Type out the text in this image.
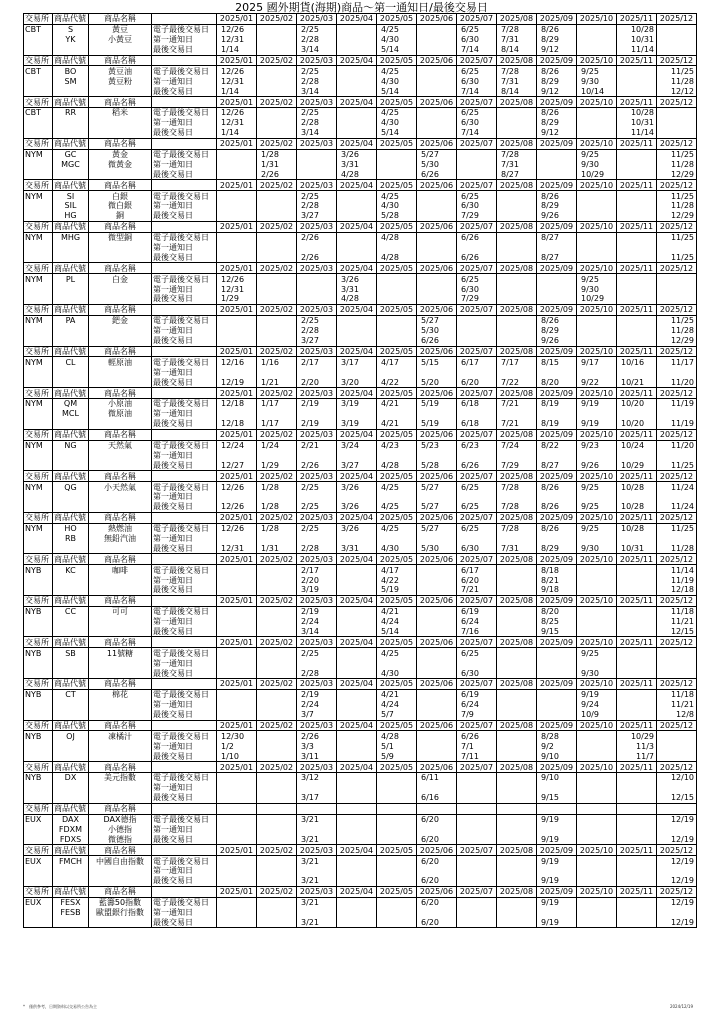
2025 國外期貨(海期)商品～第一通知日/最後交易日
交易所	商品代號	商品名稱		2025/01	2025/02	2025/03	2025/04	2025/05	2025/06	2025/07	2025/08	2025/09	2025/10	2025/11	2025/12
CBT	S	黃豆	電子最後交易日	12/26		2/25		4/25		6/25	7/28	8/26		10/28	
	YK	小黃豆	第一通知日	12/31		2/28		4/30		6/30	7/31	8/29		10/31	
			最後交易日	1/14		3/14		5/14		7/14	8/14	9/12		11/14	
交易所	商品代號	商品名稱		2025/01	2025/02	2025/03	2025/04	2025/05	2025/06	2025/07	2025/08	2025/09	2025/10	2025/11	2025/12
CBT	BO	黃豆油	電子最後交易日	12/26		2/25		4/25		6/25	7/28	8/26	9/25		11/25
	SM	黃豆粉	第一通知日	12/31		2/28		4/30		6/30	7/31	8/29	9/30		11/28
			最後交易日	1/14		3/14		5/14		7/14	8/14	9/12	10/14		12/12
交易所	商品代號	商品名稱		2025/01	2025/02	2025/03	2025/04	2025/05	2025/06	2025/07	2025/08	2025/09	2025/10	2025/11	2025/12
CBT	RR	稻米	電子最後交易日	12/26		2/25		4/25		6/25		8/26		10/28	
			第一通知日	12/31		2/28		4/30		6/30		8/29		10/31	
			最後交易日	1/14		3/14		5/14		7/14		9/12		11/14	
交易所	商品代號	商品名稱		2025/01	2025/02	2025/03	2025/04	2025/05	2025/06	2025/07	2025/08	2025/09	2025/10	2025/11	2025/12
NYM	GC	黃金	電子最後交易日		1/28		3/26		5/27		7/28		9/25		11/25
	MGC	微黃金	第一通知日		1/31		3/31		5/30		7/31		9/30		11/28
			最後交易日		2/26		4/28		6/26		8/27		10/29		12/29
交易所	商品代號	商品名稱		2025/01	2025/02	2025/03	2025/04	2025/05	2025/06	2025/07	2025/08	2025/09	2025/10	2025/11	2025/12
NYM	SI	白銀	電子最後交易日			2/25		4/25		6/25		8/26			11/25
	SIL	微白銀	第一通知日			2/28		4/30		6/30		8/29			11/28
	HG	銅	最後交易日			3/27		5/28		7/29		9/26			12/29
交易所	商品代號	商品名稱		2025/01	2025/02	2025/03	2025/04	2025/05	2025/06	2025/07	2025/08	2025/09	2025/10	2025/11	2025/12
NYM	MHG	微型銅	電子最後交易日			2/26		4/28		6/26		8/27			11/25
			第一通知日												
			最後交易日			2/26		4/28		6/26		8/27			11/25
交易所	商品代號	商品名稱		2025/01	2025/02	2025/03	2025/04	2025/05	2025/06	2025/07	2025/08	2025/09	2025/10	2025/11	2025/12
NYM	PL	白金	電子最後交易日	12/26			3/26			6/25			9/25		
			第一通知日	12/31			3/31			6/30			9/30		
			最後交易日	1/29			4/28			7/29			10/29		
交易所	商品代號	商品名稱		2025/01	2025/02	2025/03	2025/04	2025/05	2025/06	2025/07	2025/08	2025/09	2025/10	2025/11	2025/12
NYM	PA	鈀金	電子最後交易日			2/25			5/27			8/26			11/25
			第一通知日			2/28			5/30			8/29			11/28
			最後交易日			3/27			6/26			9/26			12/29
交易所	商品代號	商品名稱		2025/01	2025/02	2025/03	2025/04	2025/05	2025/06	2025/07	2025/08	2025/09	2025/10	2025/11	2025/12
NYM	CL	輕原油	電子最後交易日	12/16	1/16	2/17	3/17	4/17	5/15	6/17	7/17	8/15	9/17	10/16	11/17
			第一通知日												
			最後交易日	12/19	1/21	2/20	3/20	4/22	5/20	6/20	7/22	8/20	9/22	10/21	11/20
交易所	商品代號	商品名稱		2025/01	2025/02	2025/03	2025/04	2025/05	2025/06	2025/07	2025/08	2025/09	2025/10	2025/11	2025/12
NYM	QM	小原油	電子最後交易日	12/18	1/17	2/19	3/19	4/21	5/19	6/18	7/21	8/19	9/19	10/20	11/19
	MCL	微原油	第一通知日												
			最後交易日	12/18	1/17	2/19	3/19	4/21	5/19	6/18	7/21	8/19	9/19	10/20	11/19
交易所	商品代號	商品名稱		2025/01	2025/02	2025/03	2025/04	2025/05	2025/06	2025/07	2025/08	2025/09	2025/10	2025/11	2025/12
NYM	NG	天然氣	電子最後交易日	12/24	1/24	2/21	3/24	4/23	5/23	6/23	7/24	8/22	9/23	10/24	11/20
			第一通知日												
			最後交易日	12/27	1/29	2/26	3/27	4/28	5/28	6/26	7/29	8/27	9/26	10/29	11/25
交易所	商品代號	商品名稱		2025/01	2025/02	2025/03	2025/04	2025/05	2025/06	2025/07	2025/08	2025/09	2025/10	2025/11	2025/12
NYM	QG	小天然氣	電子最後交易日	12/26	1/28	2/25	3/26	4/25	5/27	6/25	7/28	8/26	9/25	10/28	11/24
			第一通知日												
			最後交易日	12/26	1/28	2/25	3/26	4/25	5/27	6/25	7/28	8/26	9/25	10/28	11/24
交易所	商品代號	商品名稱		2025/01	2025/02	2025/03	2025/04	2025/05	2025/06	2025/07	2025/08	2025/09	2025/10	2025/11	2025/12
NYM	HO	熱燃油	電子最後交易日	12/26	1/28	2/25	3/26	4/25	5/27	6/25	7/28	8/26	9/25	10/28	11/25
	RB	無鉛汽油	第一通知日												
			最後交易日	12/31	1/31	2/28	3/31	4/30	5/30	6/30	7/31	8/29	9/30	10/31	11/28
交易所	商品代號	商品名稱		2025/01	2025/02	2025/03	2025/04	2025/05	2025/06	2025/07	2025/08	2025/09	2025/10	2025/11	2025/12
NYB	KC	咖啡	電子最後交易日			2/17		4/17		6/17		8/18			11/14
			第一通知日			2/20		4/22		6/20		8/21			11/19
			最後交易日			3/19		5/19		7/21		9/18			12/18
交易所	商品代號	商品名稱		2025/01	2025/02	2025/03	2025/04	2025/05	2025/06	2025/07	2025/08	2025/09	2025/10	2025/11	2025/12
NYB	CC	可可	電子最後交易日			2/19		4/21		6/19		8/20			11/18
			第一通知日			2/24		4/24		6/24		8/25			11/21
			最後交易日			3/14		5/14		7/16		9/15			12/15
交易所	商品代號	商品名稱		2025/01	2025/02	2025/03	2025/04	2025/05	2025/06	2025/07	2025/08	2025/09	2025/10	2025/11	2025/12
NYB	SB	11號糖	電子最後交易日			2/25		4/25		6/25			9/25		
			第一通知日												
			最後交易日			2/28		4/30		6/30			9/30		
交易所	商品代號	商品名稱		2025/01	2025/02	2025/03	2025/04	2025/05	2025/06	2025/07	2025/08	2025/09	2025/10	2025/11	2025/12
NYB	CT	棉花	電子最後交易日			2/19		4/21		6/19			9/19		11/18
			第一通知日			2/24		4/24		6/24			9/24		11/21
			最後交易日			3/7		5/7		7/9			10/9		12/8
交易所	商品代號	商品名稱		2025/01	2025/02	2025/03	2025/04	2025/05	2025/06	2025/07	2025/08	2025/09	2025/10	2025/11	2025/12
NYB	OJ	凍橘汁	電子最後交易日	12/30		2/26		4/28		6/26		8/28		10/29	
			第一通知日	1/2		3/3		5/1		7/1		9/2		11/3	
			最後交易日	1/10		3/11		5/9		7/11		9/10		11/7	
交易所	商品代號	商品名稱		2025/01	2025/02	2025/03	2025/04	2025/05	2025/06	2025/07	2025/08	2025/09	2025/10	2025/11	2025/12
NYB	DX	美元指數	電子最後交易日			3/12			6/11			9/10			12/10
			第一通知日												
			最後交易日			3/17			6/16			9/15			12/15
交易所	商品代號	商品名稱													
EUX	DAX	DAX德指	電子最後交易日			3/21			6/20			9/19			12/19
	FDXM	小德指	第一通知日												
	FDXS	微德指	最後交易日			3/21			6/20			9/19			12/19
交易所	商品代號	商品名稱		2025/01	2025/02	2025/03	2025/04	2025/05	2025/06	2025/07	2025/08	2025/09	2025/10	2025/11	2025/12
EUX	FMCH	中國自由指數	電子最後交易日			3/21			6/20			9/19			12/19
			第一通知日												
			最後交易日			3/21			6/20			9/19			12/19
交易所	商品代號	商品名稱		2025/01	2025/02	2025/03	2025/04	2025/05	2025/06	2025/07	2025/08	2025/09	2025/10	2025/11	2025/12
EUX	FESX	藍籌50指數	電子最後交易日			3/21			6/20			9/19			12/19
	FESB	歐盟銀行指數	第一通知日												
			最後交易日			3/21			6/20			9/19			12/19
*　僅供參考，日期資料以交易所公告為主	2024/12/19
